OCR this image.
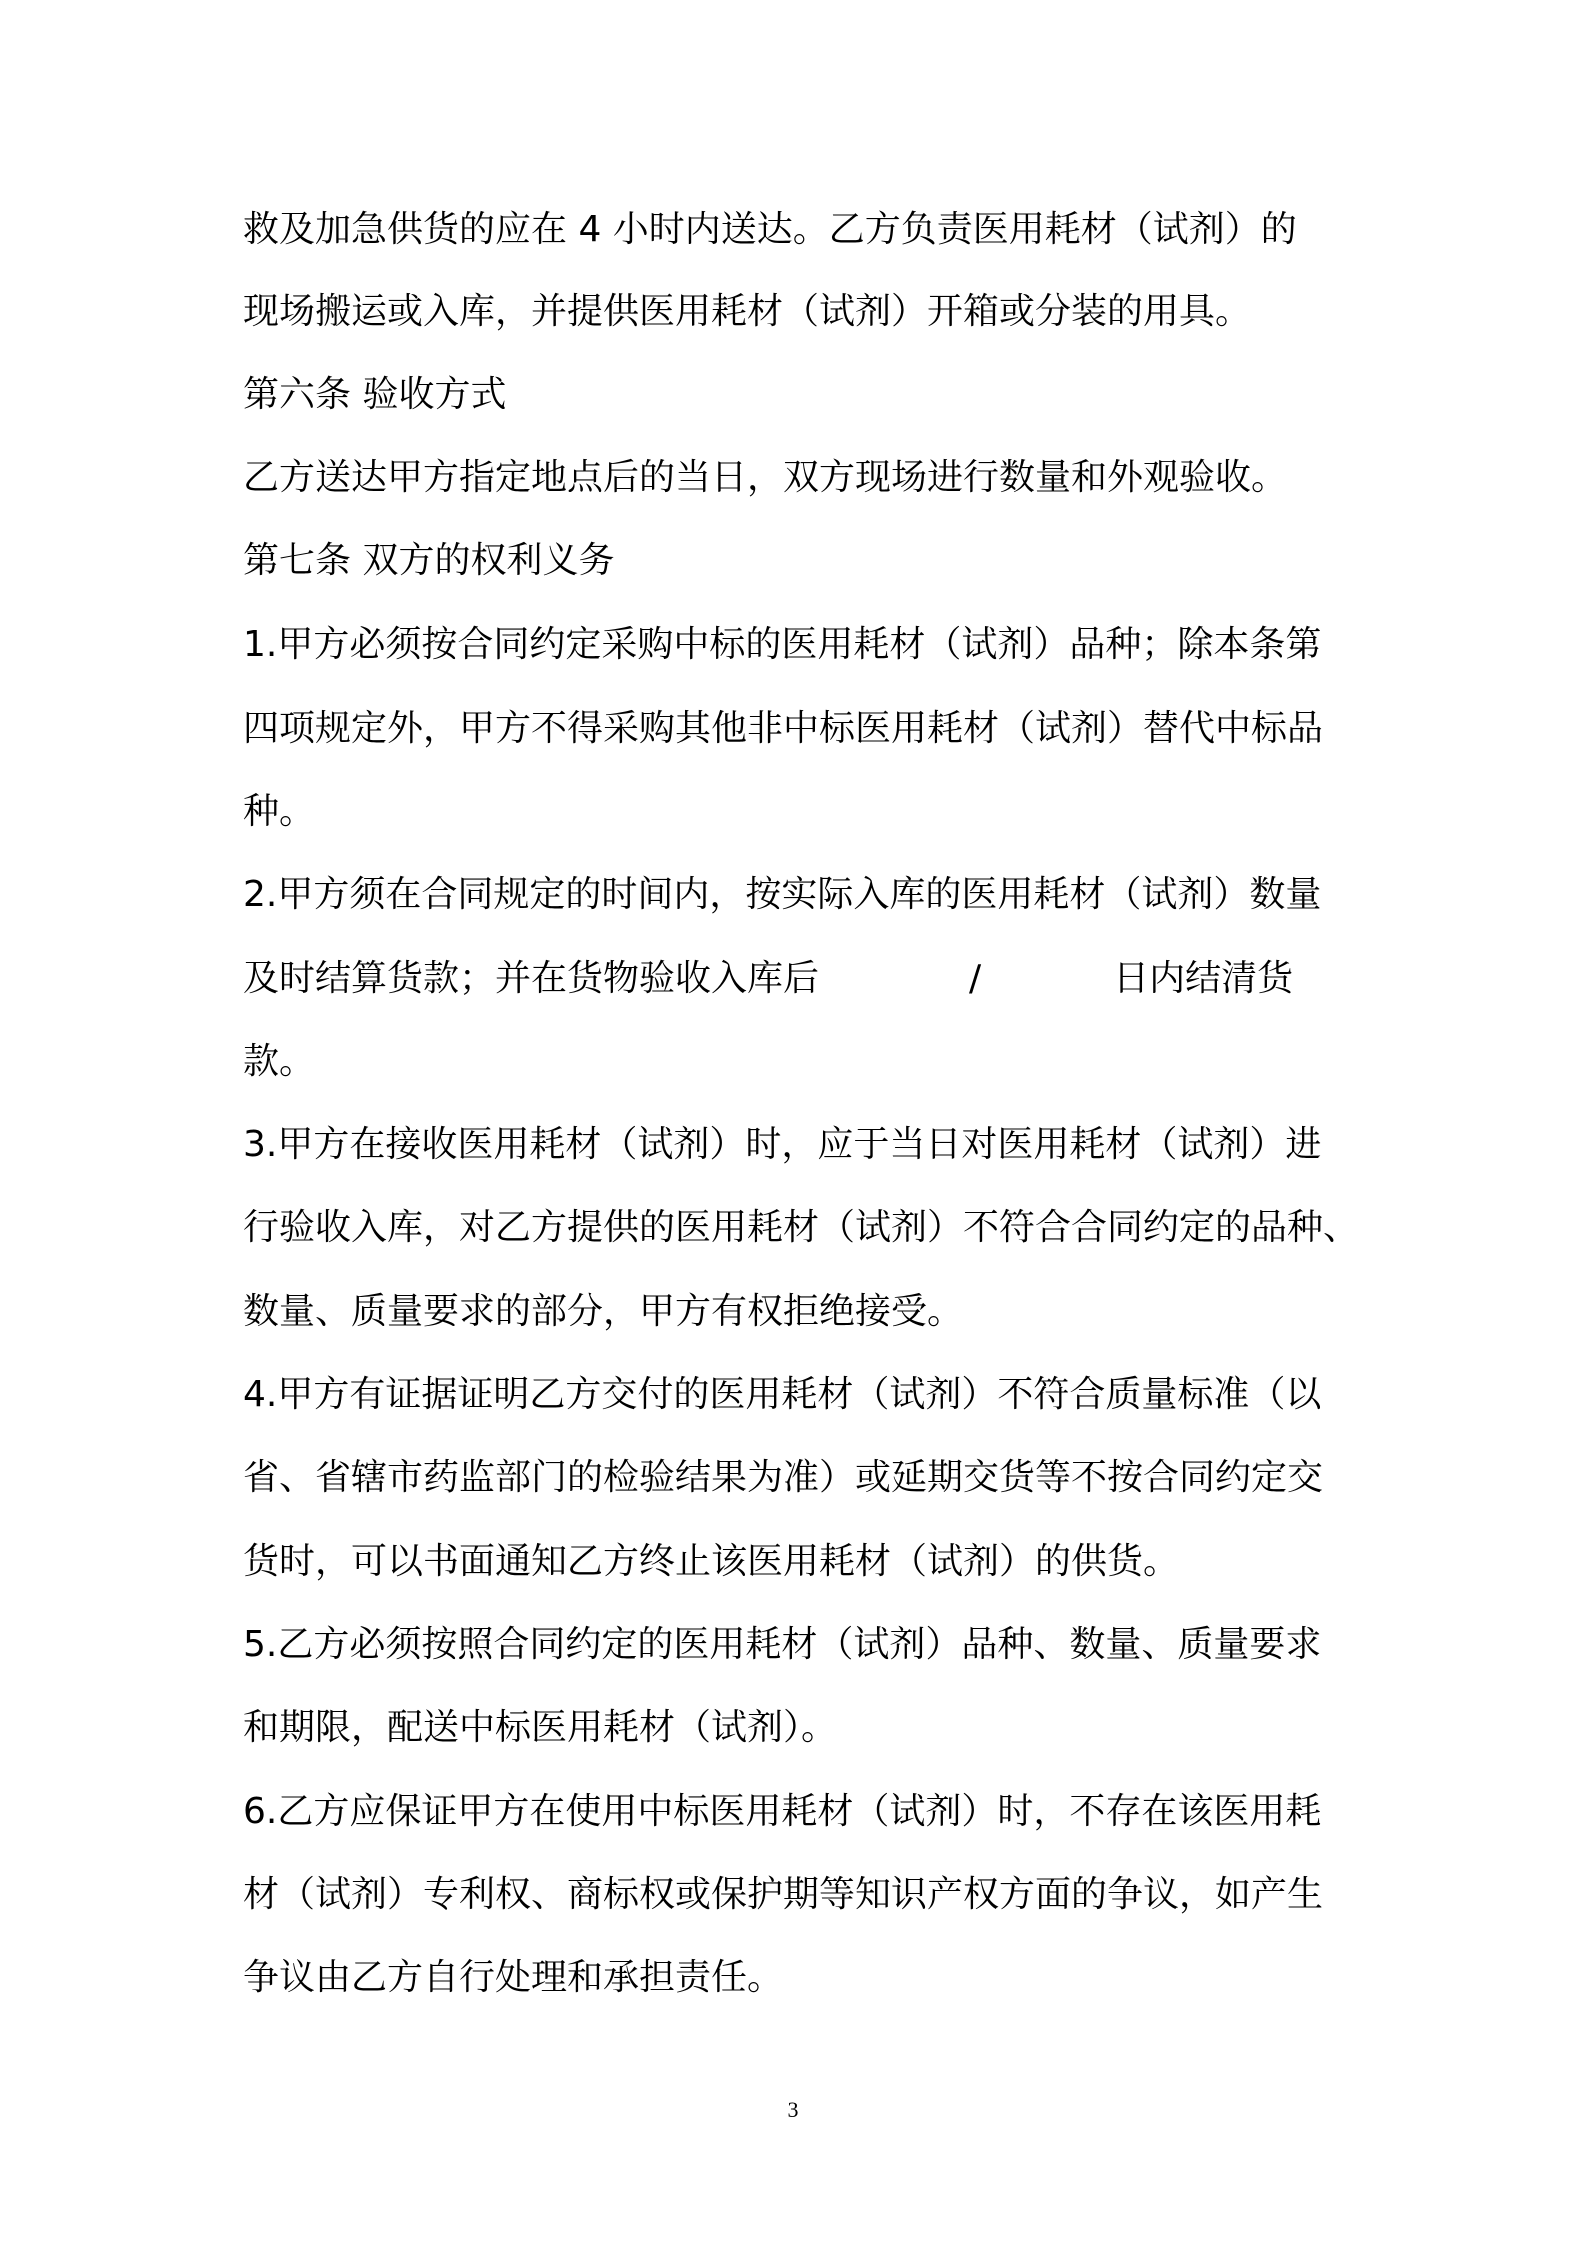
救及加急供货的应在 4 小时内送达。乙方负责医用耗材（试剂）的
现场搬运或入库，并提供医用耗材（试剂）开箱或分装的用具。
第六条 验收方式
乙方送达甲方指定地点后的当日，双方现场进行数量和外观验收。
第七条 双方的权利义务
1.甲方必须按合同约定采购中标的医用耗材（试剂）品种；除本条第
四项规定外，甲方不得采购其他非中标医用耗材（试剂）替代中标品
种。
2.甲方须在合同规定的时间内，按实际入库的医用耗材（试剂）数量
及时结算货款；并在货物验收入库后	/	日内结清货
款。
3.甲方在接收医用耗材（试剂）时，应于当日对医用耗材（试剂）进
行验收入库，对乙方提供的医用耗材（试剂）不符合合同约定的品种、
数量、质量要求的部分，甲方有权拒绝接受。
4.甲方有证据证明乙方交付的医用耗材（试剂）不符合质量标准（以
省、省辖市药监部门的检验结果为准）或延期交货等不按合同约定交
货时，可以书面通知乙方终止该医用耗材（试剂）的供货。
5.乙方必须按照合同约定的医用耗材（试剂）品种、数量、质量要求
和期限，配送中标医用耗材（试剂）。
6.乙方应保证甲方在使用中标医用耗材（试剂）时，不存在该医用耗
材（试剂）专利权、商标权或保护期等知识产权方面的争议，如产生
争议由乙方自行处理和承担责任。
3
